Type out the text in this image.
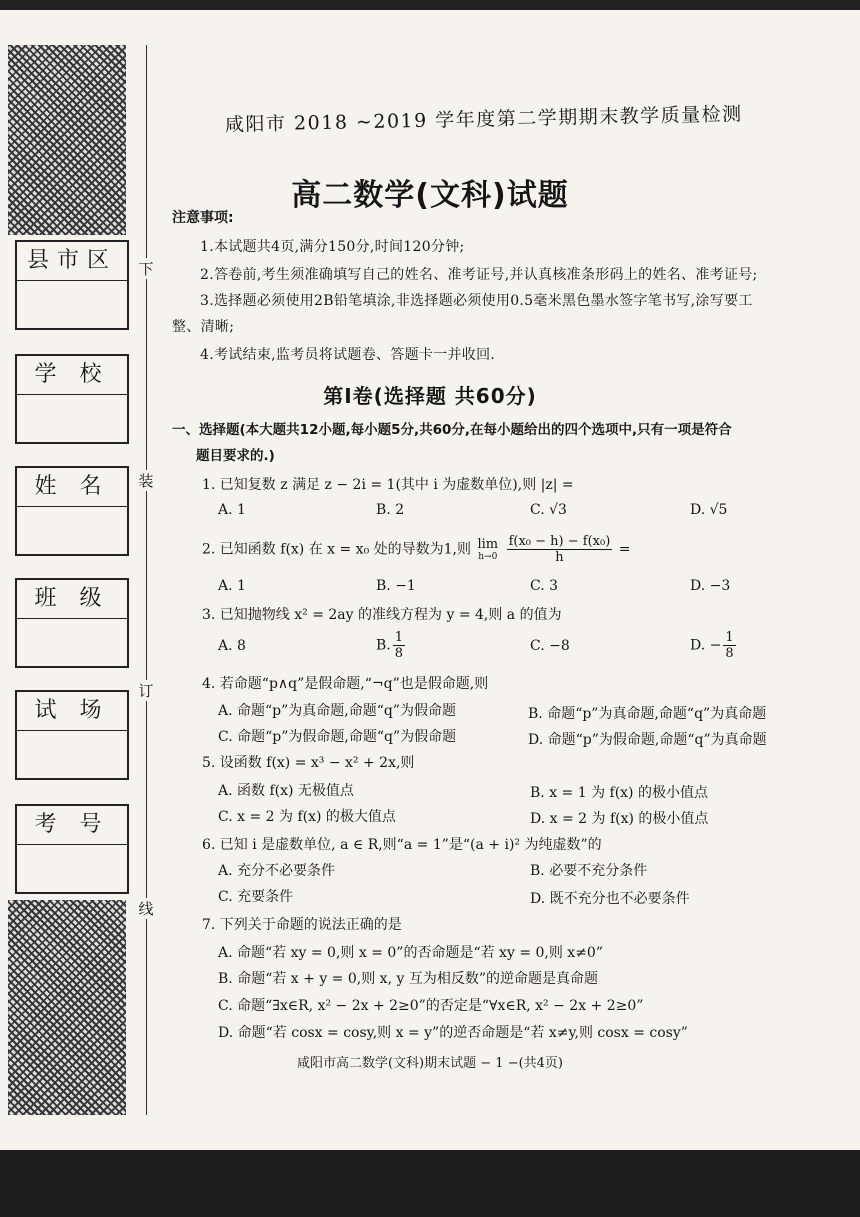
县市区
学 校
姓 名
班 级
试 场
考 号
下
装
订
线
咸阳市 2018 ~2019 学年度第二学期期末教学质量检测
高二数学(文科)试题
注意事项:
1.本试题共4页,满分150分,时间120分钟;
2.答卷前,考生须准确填写自己的姓名、准考证号,并认真核准条形码上的姓名、准考证号;
3.选择题必须使用2B铅笔填涂,非选择题必须使用0.5毫米黑色墨水签字笔书写,涂写要工
整、清晰;
4.考试结束,监考员将试题卷、答题卡一并收回.
第Ⅰ卷(选择题 共60分)
一、选择题(本大题共12小题,每小题5分,共60分,在每小题给出的四个选项中,只有一项是符合
题目要求的.)
1. 已知复数 z 满足 z − 2i = 1(其中 i 为虚数单位),则 |z| =
A. 1	B. 2	C. √3	D. √5
2. 已知函数 f(x) 在 x = x₀ 处的导数为1,则 lim
h→0
$\frac{\text{f(x₀ − h) − f(x₀)}}{h}$ =
A. 1	B. −1	C. 3	D. −3
3. 已知抛物线 x² = 2ay 的准线方程为 y = 4,则 a 的值为
A. 8	B. $\frac{1}{8}$	C. −8	D. − $\frac{1}{8}$
4. 若命题“p∧q”是假命题,“¬q”也是假命题,则
A. 命题“p”为真命题,命题“q”为假命题	B. 命题“p”为真命题,命题“q”为真命题
C. 命题“p”为假命题,命题“q”为假命题	D. 命题“p”为假命题,命题“q”为真命题
5. 设函数 f(x) = x³ − x² + 2x,则
A. 函数 f(x) 无极值点	B. x = 1 为 f(x) 的极小值点
C. x = 2 为 f(x) 的极大值点	D. x = 2 为 f(x) 的极小值点
6. 已知 i 是虚数单位, a ∈ R,则“a = 1”是“(a + i)² 为纯虚数”的
A. 充分不必要条件	B. 必要不充分条件
C. 充要条件	D. 既不充分也不必要条件
7. 下列关于命题的说法正确的是
A. 命题“若 xy = 0,则 x = 0”的否命题是“若 xy = 0,则 x≠0”
B. 命题“若 x + y = 0,则 x, y 互为相反数”的逆命题是真命题
C. 命题“∃x∈R, x² − 2x + 2≥0”的否定是“∀x∈R, x² − 2x + 2≥0”
D. 命题“若 cosx = cosy,则 x = y”的逆否命题是“若 x≠y,则 cosx = cosy”
咸阳市高二数学(文科)期末试题 − 1 −(共4页)
